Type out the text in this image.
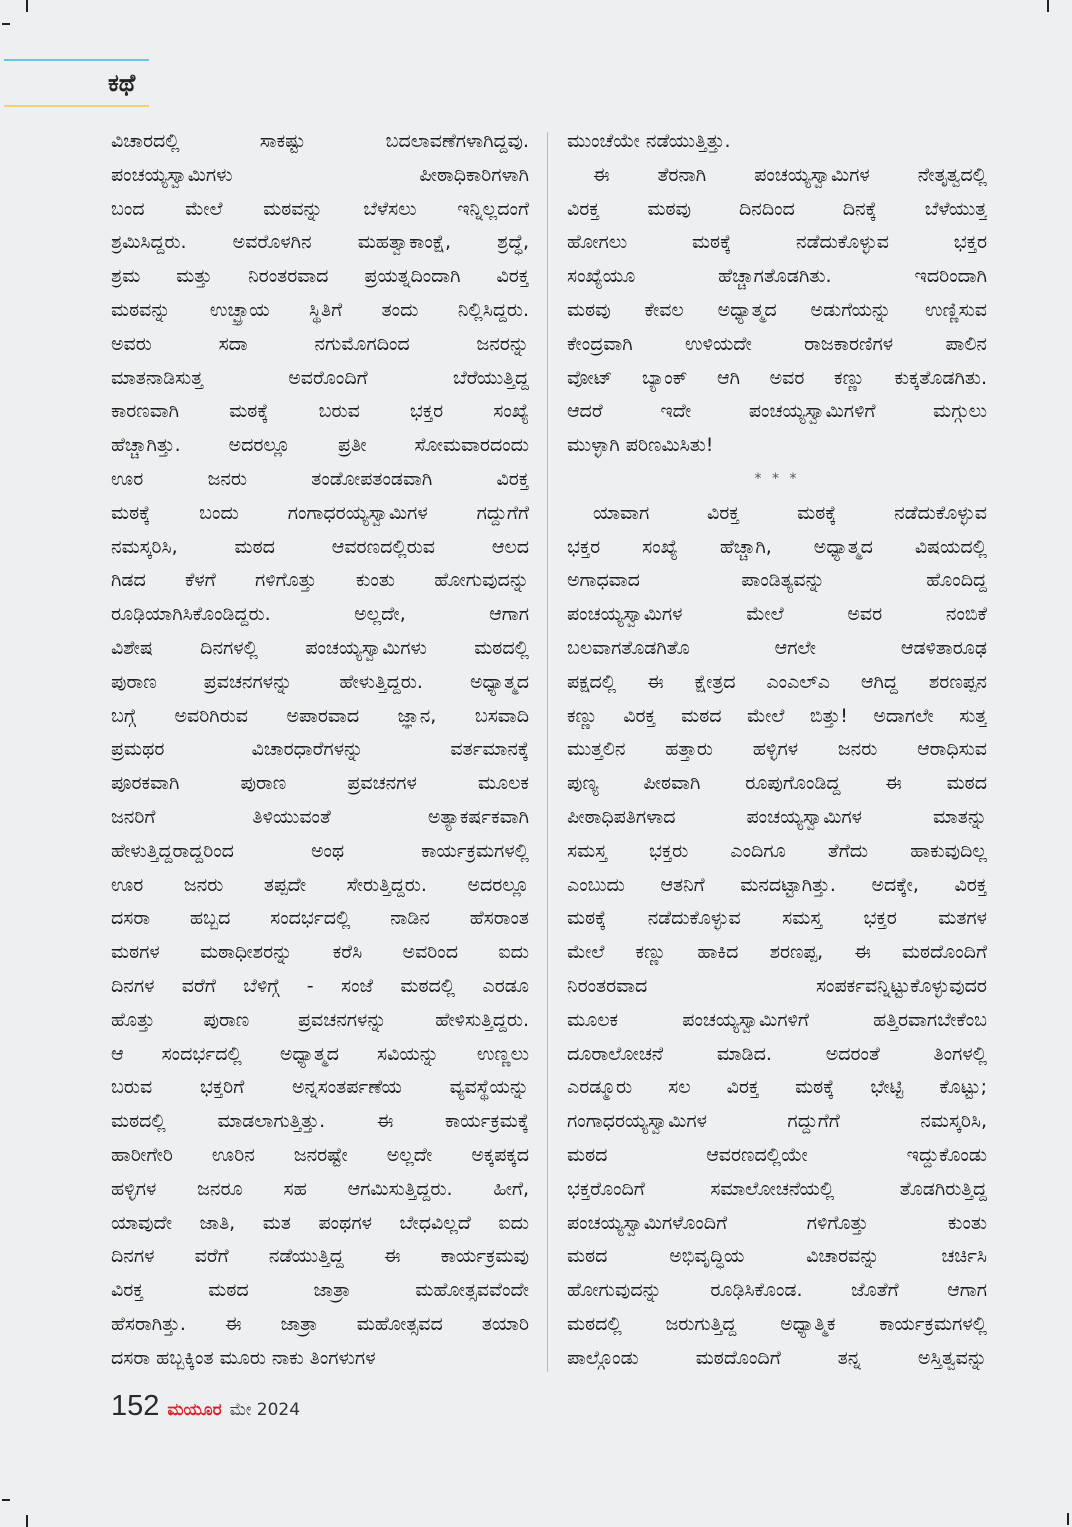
ಕಥೆ
ವಿಚಾರದಲ್ಲಿ ಸಾಕಷ್ಟು ಬದಲಾವಣೆಗಳಾಗಿದ್ದವು.
ಪಂಚಯ್ಯಸ್ವಾಮಿಗಳು ಪೀಠಾಧಿಕಾರಿಗಳಾಗಿ
ಬಂದ ಮೇಲೆ ಮಠವನ್ನು ಬೆಳೆಸಲು ಇನ್ನಿಲ್ಲದಂಗೆ
ಶ್ರಮಿಸಿದ್ದರು. ಅವರೊಳಗಿನ ಮಹತ್ವಾಕಾಂಕ್ಷೆ, ಶ್ರದ್ಧೆ,
ಶ್ರಮ ಮತ್ತು ನಿರಂತರವಾದ ಪ್ರಯತ್ನದಿಂದಾಗಿ ವಿರಕ್ತ
ಮಠವನ್ನು ಉಚ್ಛ್ರಾಯ ಸ್ಥಿತಿಗೆ ತಂದು ನಿಲ್ಲಿಸಿದ್ದರು.
ಅವರು ಸದಾ ನಗುಮೊಗದಿಂದ ಜನರನ್ನು
ಮಾತನಾಡಿಸುತ್ತ ಅವರೊಂದಿಗೆ ಬೆರೆಯುತ್ತಿದ್ದ
ಕಾರಣವಾಗಿ ಮಠಕ್ಕೆ ಬರುವ ಭಕ್ತರ ಸಂಖ್ಯೆ
ಹೆಚ್ಚಾಗಿತ್ತು. ಅದರಲ್ಲೂ ಪ್ರತೀ ಸೋಮವಾರದಂದು
ಊರ ಜನರು ತಂಡೋಪತಂಡವಾಗಿ ವಿರಕ್ತ
ಮಠಕ್ಕೆ ಬಂದು ಗಂಗಾಧರಯ್ಯಸ್ವಾಮಿಗಳ ಗದ್ದುಗೆಗೆ
ನಮಸ್ಕರಿಸಿ, ಮಠದ ಆವರಣದಲ್ಲಿರುವ ಆಲದ
ಗಿಡದ ಕೆಳಗೆ ಗಳಿಗೊತ್ತು ಕುಂತು ಹೋಗುವುದನ್ನು
ರೂಢಿಯಾಗಿಸಿಕೊಂಡಿದ್ದರು. ಅಲ್ಲದೇ, ಆಗಾಗ
ವಿಶೇಷ ದಿನಗಳಲ್ಲಿ ಪಂಚಯ್ಯಸ್ವಾಮಿಗಳು ಮಠದಲ್ಲಿ
ಪುರಾಣ ಪ್ರವಚನಗಳನ್ನು ಹೇಳುತ್ತಿದ್ದರು. ಅಧ್ಯಾತ್ಮದ
ಬಗ್ಗೆ ಅವರಿಗಿರುವ ಅಪಾರವಾದ ಜ್ಞಾನ, ಬಸವಾದಿ
ಪ್ರಮಥರ ವಿಚಾರಧಾರೆಗಳನ್ನು ವರ್ತಮಾನಕ್ಕೆ
ಪೂರಕವಾಗಿ ಪುರಾಣ ಪ್ರವಚನಗಳ ಮೂಲಕ
ಜನರಿಗೆ ತಿಳಿಯುವಂತೆ ಅತ್ಯಾಕರ್ಷಕವಾಗಿ
ಹೇಳುತ್ತಿದ್ದರಾದ್ದರಿಂದ ಅಂಥ ಕಾರ್ಯಕ್ರಮಗಳಲ್ಲಿ
ಊರ ಜನರು ತಪ್ಪದೇ ಸೇರುತ್ತಿದ್ದರು. ಅದರಲ್ಲೂ
ದಸರಾ ಹಬ್ಬದ ಸಂದರ್ಭದಲ್ಲಿ ನಾಡಿನ ಹೆಸರಾಂತ
ಮಠಗಳ ಮಠಾಧೀಶರನ್ನು ಕರೆಸಿ ಅವರಿಂದ ಐದು
ದಿನಗಳ ವರೆಗೆ ಬೆಳಿಗ್ಗೆ - ಸಂಜೆ ಮಠದಲ್ಲಿ ಎರಡೂ
ಹೊತ್ತು ಪುರಾಣ ಪ್ರವಚನಗಳನ್ನು ಹೇಳಿಸುತ್ತಿದ್ದರು.
ಆ ಸಂದರ್ಭದಲ್ಲಿ ಅಧ್ಯಾತ್ಮದ ಸವಿಯನ್ನು ಉಣ್ಣಲು
ಬರುವ ಭಕ್ತರಿಗೆ ಅನ್ನಸಂತರ್ಪಣೆಯ ವ್ಯವಸ್ಥೆಯನ್ನು
ಮಠದಲ್ಲಿ ಮಾಡಲಾಗುತ್ತಿತ್ತು. ಈ ಕಾರ್ಯಕ್ರಮಕ್ಕೆ
ಹಾರೀಗೇರಿ ಊರಿನ ಜನರಷ್ಟೇ ಅಲ್ಲದೇ ಅಕ್ಕಪಕ್ಕದ
ಹಳ್ಳಿಗಳ ಜನರೂ ಸಹ ಆಗಮಿಸುತ್ತಿದ್ದರು. ಹೀಗೆ,
ಯಾವುದೇ ಜಾತಿ, ಮತ ಪಂಥಗಳ ಬೇಧವಿಲ್ಲದೆ ಐದು
ದಿನಗಳ ವರೆಗೆ ನಡೆಯುತ್ತಿದ್ದ ಈ ಕಾರ್ಯಕ್ರಮವು
ವಿರಕ್ತ ಮಠದ ಜಾತ್ರಾ ಮಹೋತ್ಸವವೆಂದೇ
ಹೆಸರಾಗಿತ್ತು. ಈ ಜಾತ್ರಾ ಮಹೋತ್ಸವದ ತಯಾರಿ
ದಸರಾ ಹಬ್ಬಕ್ಕಿಂತ ಮೂರು ನಾಕು ತಿಂಗಳುಗಳ
ಮುಂಚೆಯೇ ನಡೆಯುತ್ತಿತ್ತು.
ಈ ತೆರನಾಗಿ ಪಂಚಯ್ಯಸ್ವಾಮಿಗಳ ನೇತೃತ್ವದಲ್ಲಿ
ವಿರಕ್ತ ಮಠವು ದಿನದಿಂದ ದಿನಕ್ಕೆ ಬೆಳೆಯುತ್ತ
ಹೋಗಲು ಮಠಕ್ಕೆ ನಡೆದುಕೊಳ್ಳುವ ಭಕ್ತರ
ಸಂಖ್ಯೆಯೂ ಹೆಚ್ಚಾಗತೊಡಗಿತು. ಇದರಿಂದಾಗಿ
ಮಠವು ಕೇವಲ ಅಧ್ಯಾತ್ಮದ ಅಡುಗೆಯನ್ನು ಉಣ್ಣಿಸುವ
ಕೇಂದ್ರವಾಗಿ ಉಳಿಯದೇ ರಾಜಕಾರಣಿಗಳ ಪಾಲಿನ
ವೋಟ್ ಬ್ಯಾಂಕ್ ಆಗಿ ಅವರ ಕಣ್ಣು ಕುಕ್ಕತೊಡಗಿತು.
ಆದರೆ ಇದೇ ಪಂಚಯ್ಯಸ್ವಾಮಿಗಳಿಗೆ ಮಗ್ಗುಲು
ಮುಳ್ಳಾಗಿ ಪರಿಣಮಿಸಿತು!
* * *
ಯಾವಾಗ ವಿರಕ್ತ ಮಠಕ್ಕೆ ನಡೆದುಕೊಳ್ಳುವ
ಭಕ್ತರ ಸಂಖ್ಯೆ ಹೆಚ್ಚಾಗಿ, ಅಧ್ಯಾತ್ಮದ ವಿಷಯದಲ್ಲಿ
ಅಗಾಧವಾದ ಪಾಂಡಿತ್ಯವನ್ನು ಹೊಂದಿದ್ದ
ಪಂಚಯ್ಯಸ್ವಾಮಿಗಳ ಮೇಲೆ ಅವರ ನಂಬಿಕೆ
ಬಲವಾಗತೊಡಗಿತೊ ಆಗಲೇ ಆಡಳಿತಾರೂಢ
ಪಕ್ಷದಲ್ಲಿ ಈ ಕ್ಷೇತ್ರದ ಎಂಎಲ್‌ಎ ಆಗಿದ್ದ ಶರಣಪ್ಪನ
ಕಣ್ಣು ವಿರಕ್ತ ಮಠದ ಮೇಲೆ ಬಿತ್ತು! ಅದಾಗಲೇ ಸುತ್ತ
ಮುತ್ತಲಿನ ಹತ್ತಾರು ಹಳ್ಳಿಗಳ ಜನರು ಆರಾಧಿಸುವ
ಪುಣ್ಯ ಪೀಠವಾಗಿ ರೂಪುಗೊಂಡಿದ್ದ ಈ ಮಠದ
ಪೀಠಾಧಿಪತಿಗಳಾದ ಪಂಚಯ್ಯಸ್ವಾಮಿಗಳ ಮಾತನ್ನು
ಸಮಸ್ತ ಭಕ್ತರು ಎಂದಿಗೂ ತೆಗೆದು ಹಾಕುವುದಿಲ್ಲ
ಎಂಬುದು ಆತನಿಗೆ ಮನದಟ್ಟಾಗಿತ್ತು. ಅದಕ್ಕೇ, ವಿರಕ್ತ
ಮಠಕ್ಕೆ ನಡೆದುಕೊಳ್ಳುವ ಸಮಸ್ತ ಭಕ್ತರ ಮತಗಳ
ಮೇಲೆ ಕಣ್ಣು ಹಾಕಿದ ಶರಣಪ್ಪ, ಈ ಮಠದೊಂದಿಗೆ
ನಿರಂತರವಾದ ಸಂಪರ್ಕವನ್ನಿಟ್ಟುಕೊಳ್ಳುವುದರ
ಮೂಲಕ ಪಂಚಯ್ಯಸ್ವಾಮಿಗಳಿಗೆ ಹತ್ತಿರವಾಗಬೇಕೆಂಬ
ದೂರಾಲೋಚನೆ ಮಾಡಿದ. ಅದರಂತೆ ತಿಂಗಳಲ್ಲಿ
ಎರಡ್ಮೂರು ಸಲ ವಿರಕ್ತ ಮಠಕ್ಕೆ ಭೇಟ್ಟಿ ಕೊಟ್ಟು;
ಗಂಗಾಧರಯ್ಯಸ್ವಾಮಿಗಳ ಗದ್ದುಗೆಗೆ ನಮಸ್ಕರಿಸಿ,
ಮಠದ ಆವರಣದಲ್ಲಿಯೇ ಇದ್ದುಕೊಂಡು
ಭಕ್ತರೊಂದಿಗೆ ಸಮಾಲೋಚನೆಯಲ್ಲಿ ತೊಡಗಿರುತ್ತಿದ್ದ
ಪಂಚಯ್ಯಸ್ವಾಮಿಗಳೊಂದಿಗೆ ಗಳಿಗೊತ್ತು ಕುಂತು
ಮಠದ ಅಭಿವೃದ್ಧಿಯ ವಿಚಾರವನ್ನು ಚರ್ಚಿಸಿ
ಹೋಗುವುದನ್ನು ರೂಢಿಸಿಕೊಂಡ. ಜೊತೆಗೆ ಆಗಾಗ
ಮಠದಲ್ಲಿ ಜರುಗುತ್ತಿದ್ದ ಅಧ್ಯಾತ್ಮಿಕ ಕಾರ್ಯಕ್ರಮಗಳಲ್ಲಿ
ಪಾಲ್ಗೊಂಡು ಮಠದೊಂದಿಗೆ ತನ್ನ ಅಸ್ತಿತ್ವವನ್ನು
152 ಮಯೂರ ಮೇ 2024
